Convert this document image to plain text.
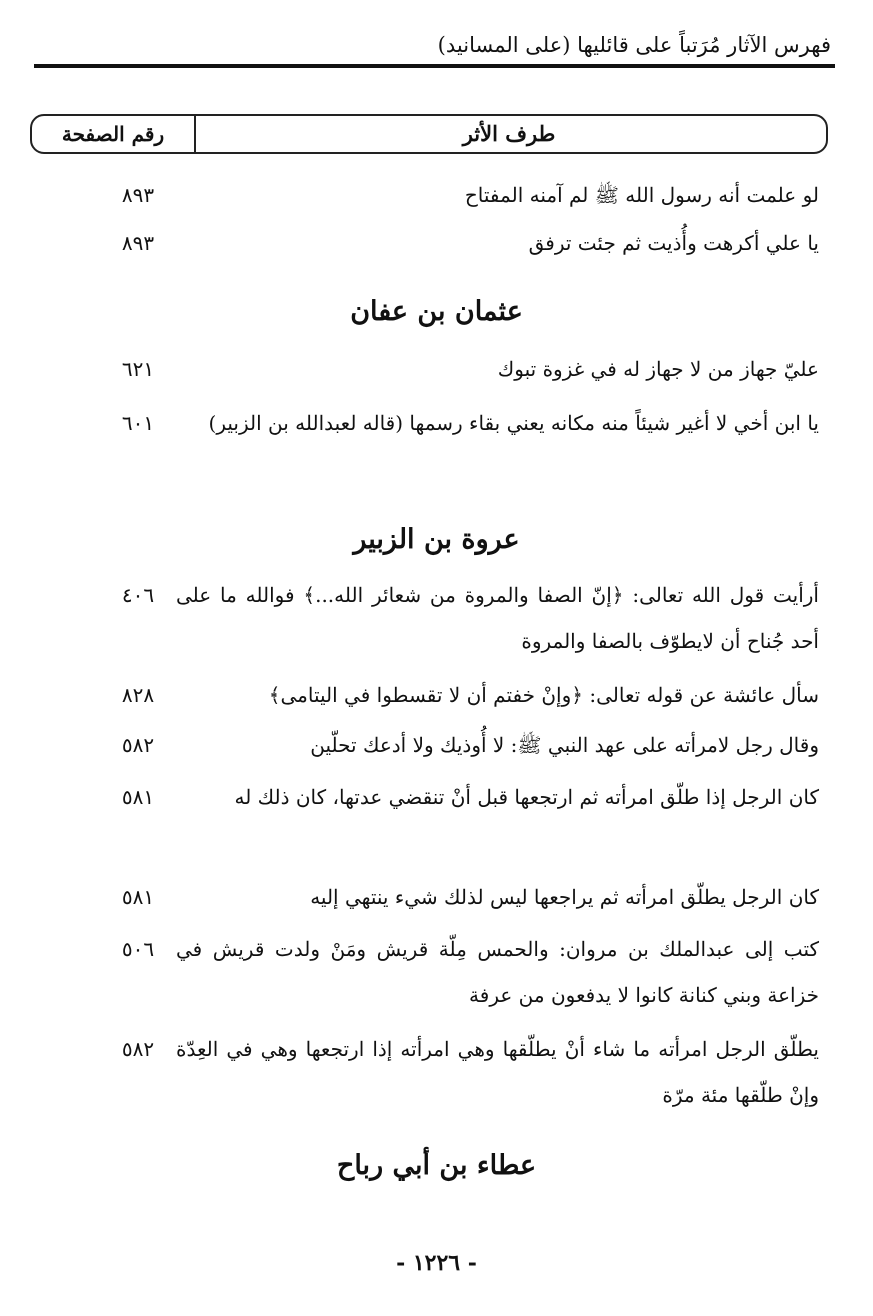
فهرس الآثار مُرَتباً على قائليها (على المسانيد)
طرف الأثر
رقم الصفحة
لو علمت أنه رسول الله ﷺ لم آمنه المفتاح
٨٩٣
يا علي أكرهت وأُذيت ثم جئت ترفق
٨٩٣
عثمان بن عفان
عليّ جهاز من لا جهاز له في غزوة تبوك
٦٢١
يا ابن أخي لا أغير شيئاً منه مكانه يعني بقاء رسمها (قاله لعبدالله بن الزبير)
٦٠١
عروة بن الزبير
أرأيت قول الله تعالى: ﴿إنّ الصفا والمروة من شعائر الله...﴾ فوالله ما على أحد جُناح أن لايطوّف بالصفا والمروة
٤٠٦
سأل عائشة عن قوله تعالى: ﴿وإنْ خفتم أن لا تقسطوا في اليتامى﴾
٨٢٨
وقال رجل لامرأته على عهد النبي ﷺ: لا أُوذيك ولا أدعك تحلّين
٥٨٢
كان الرجل إذا طلّق امرأته ثم ارتجعها قبل أنْ تنقضي عدتها، كان ذلك له
٥٨١
كان الرجل يطلّق امرأته ثم يراجعها ليس لذلك شيء ينتهي إليه
٥٨١
كتب إلى عبدالملك بن مروان: والحمس مِلّة قريش ومَنْ ولدت قريش في خزاعة وبني كنانة كانوا لا يدفعون من عرفة
٥٠٦
يطلّق الرجل امرأته ما شاء أنْ يطلّقها وهي امرأته إذا ارتجعها وهي في العِدّة وإنْ طلّقها مئة مرّة
٥٨٢
عطاء بن أبي رباح
- ١٢٢٦ -
